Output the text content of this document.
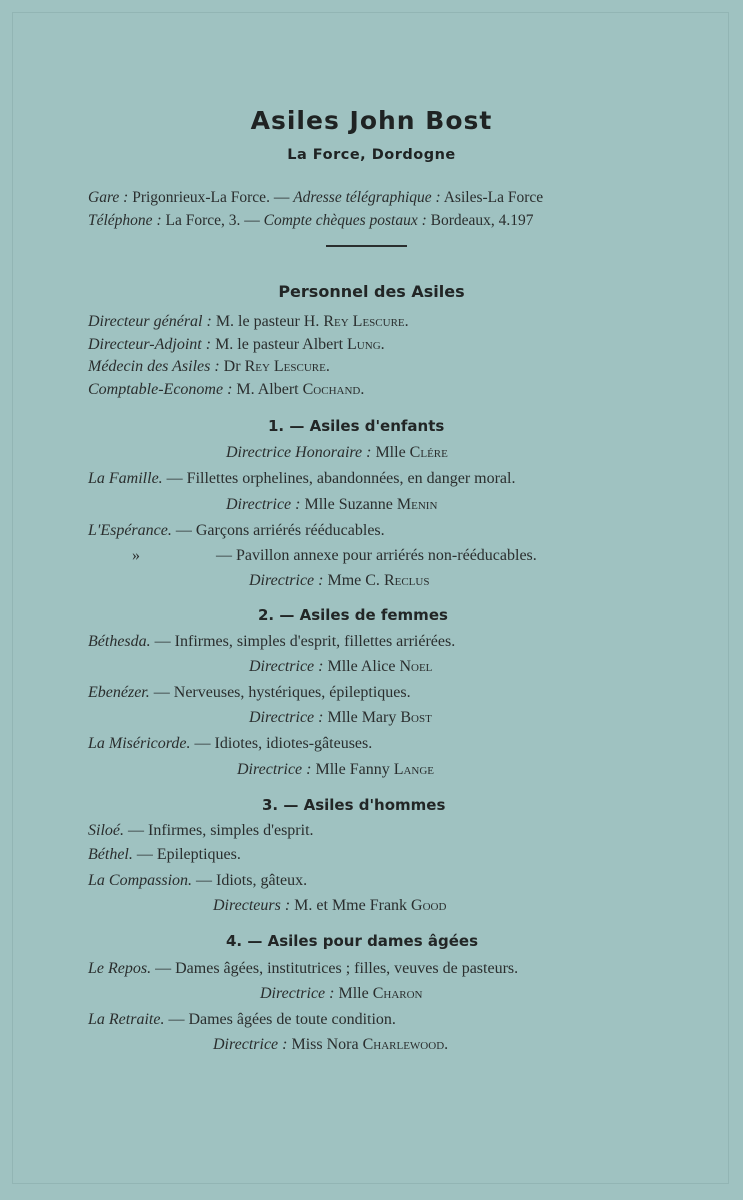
Asiles John Bost
La Force, Dordogne
Gare : Prigonrieux-La Force. — Adresse télégraphique : Asiles-La Force
Téléphone : La Force, 3. — Compte chèques postaux : Bordeaux, 4.197
Personnel des Asiles
Directeur général : M. le pasteur H. Rey Lescure.
Directeur-Adjoint : M. le pasteur Albert Lung.
Médecin des Asiles : Dr Rey Lescure.
Comptable-Econome : M. Albert Cochand.
1. — Asiles d'enfants
Directrice Honoraire : Mlle Clére
La Famille. — Fillettes orphelines, abandonnées, en danger moral.
Directrice : Mlle Suzanne Menin
L'Espérance. — Garçons arriérés rééducables.
»	— Pavillon annexe pour arriérés non-rééducables.
Directrice : Mme C. Reclus
2. — Asiles de femmes
Béthesda. — Infirmes, simples d'esprit, fillettes arriérées.
Directrice : Mlle Alice Noel
Ebenézer. — Nerveuses, hystériques, épileptiques.
Directrice : Mlle Mary Bost
La Miséricorde. — Idiotes, idiotes-gâteuses.
Directrice : Mlle Fanny Lange
3. — Asiles d'hommes
Siloé. — Infirmes, simples d'esprit.
Béthel. — Epileptiques.
La Compassion. — Idiots, gâteux.
Directeurs : M. et Mme Frank Good
4. — Asiles pour dames âgées
Le Repos. — Dames âgées, institutrices ; filles, veuves de pasteurs.
Directrice : Mlle Charon
La Retraite. — Dames âgées de toute condition.
Directrice : Miss Nora Charlewood.
